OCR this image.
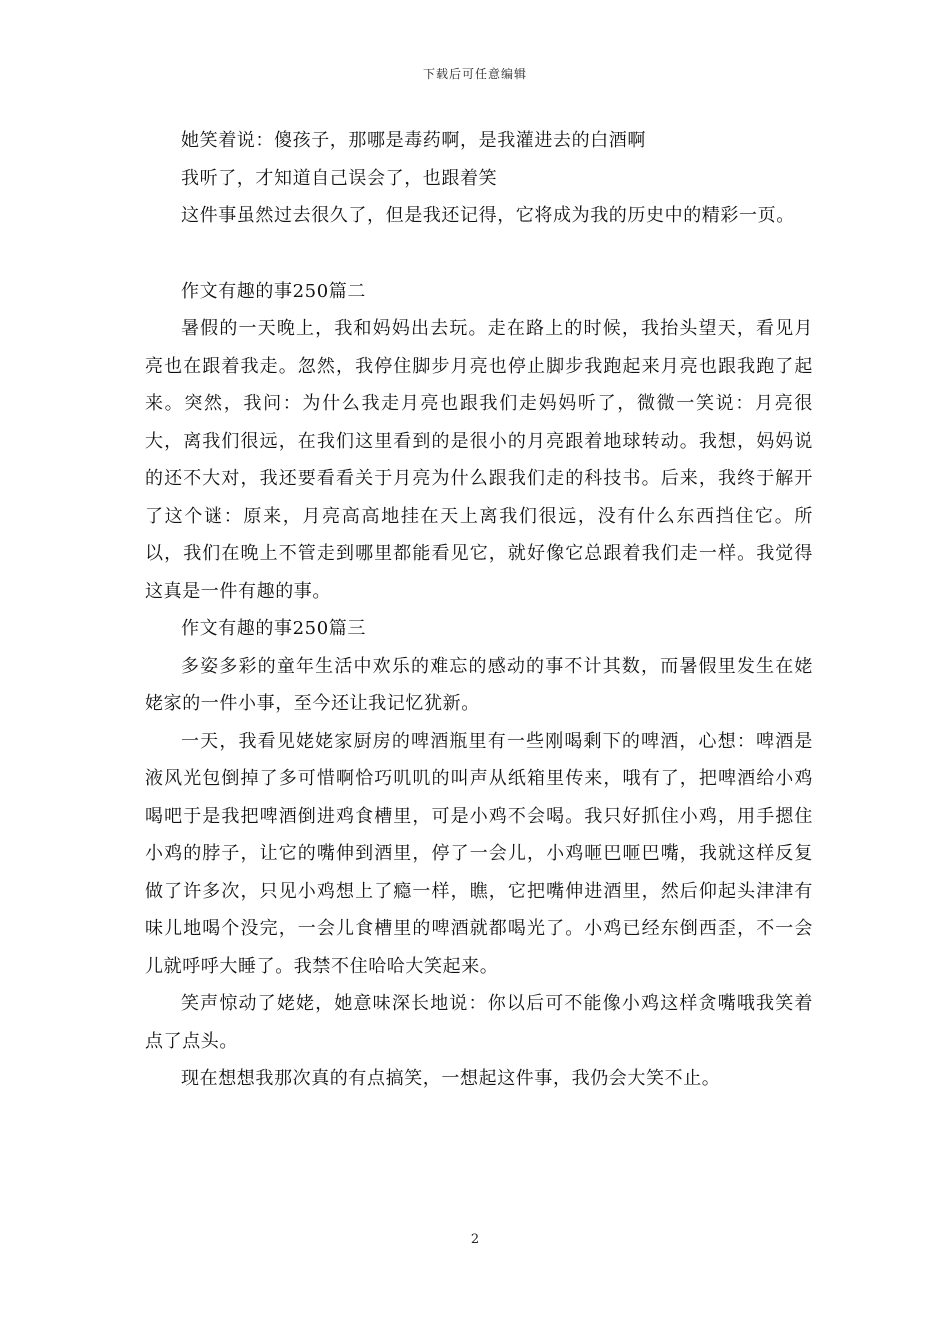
下载后可任意编辑

她笑着说：傻孩子，那哪是毒药啊，是我灌进去的白酒啊

我听了，才知道自己误会了，也跟着笑

这件事虽然过去很久了，但是我还记得，它将成为我的历史中的精彩一页。

作文有趣的事250篇二

暑假的一天晚上，我和妈妈出去玩。走在路上的时候，我抬头望天，看见月亮也在跟着我走。忽然，我停住脚步月亮也停止脚步我跑起来月亮也跟我跑了起来。突然，我问：为什么我走月亮也跟我们走妈妈听了，微微一笑说：月亮很大，离我们很远，在我们这里看到的是很小的月亮跟着地球转动。我想，妈妈说的还不大对，我还要看看关于月亮为什么跟我们走的科技书。后来，我终于解开了这个谜：原来，月亮高高地挂在天上离我们很远，没有什么东西挡住它。所以，我们在晚上不管走到哪里都能看见它，就好像它总跟着我们走一样。我觉得这真是一件有趣的事。

作文有趣的事250篇三

多姿多彩的童年生活中欢乐的难忘的感动的事不计其数，而暑假里发生在姥姥家的一件小事，至今还让我记忆犹新。

一天，我看见姥姥家厨房的啤酒瓶里有一些刚喝剩下的啤酒，心想：啤酒是液风光包倒掉了多可惜啊恰巧叽叽的叫声从纸箱里传来，哦有了，把啤酒给小鸡喝吧于是我把啤酒倒进鸡食槽里，可是小鸡不会喝。我只好抓住小鸡，用手摁住小鸡的脖子，让它的嘴伸到酒里，停了一会儿，小鸡咂巴咂巴嘴，我就这样反复做了许多次，只见小鸡想上了瘾一样，瞧，它把嘴伸进酒里，然后仰起头津津有味儿地喝个没完，一会儿食槽里的啤酒就都喝光了。小鸡已经东倒西歪，不一会儿就呼呼大睡了。我禁不住哈哈大笑起来。

笑声惊动了姥姥，她意味深长地说：你以后可不能像小鸡这样贪嘴哦我笑着点了点头。

现在想想我那次真的有点搞笑，一想起这件事，我仍会大笑不止。

2
